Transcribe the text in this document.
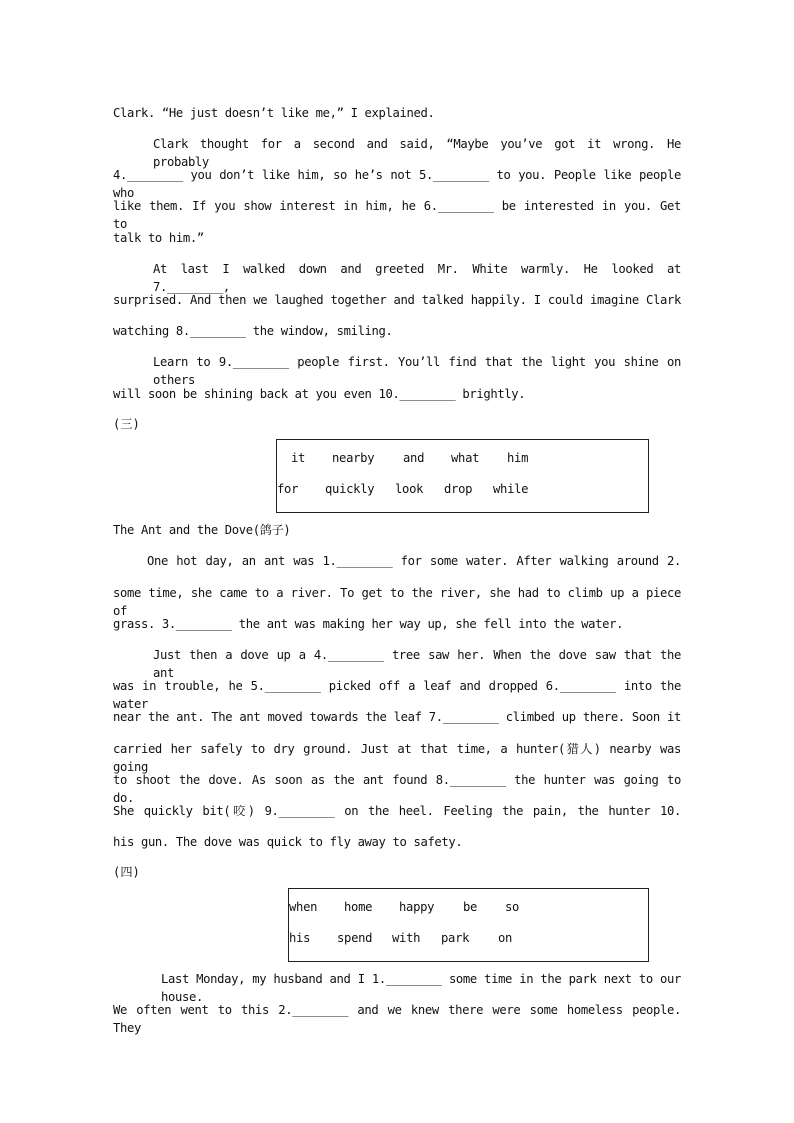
Clark. “He just doesn’t like me,” I explained.
Clark thought for a second and said, “Maybe you’ve got it wrong. He probably
4.________ you don’t like him, so he’s not 5.________ to you. People like people who
like them. If you show interest in him, he 6.________ be interested in you. Get to
talk to him.”
At last I walked down and greeted Mr. White warmly. He looked at 7.________,
surprised. And then we laughed together and talked happily. I could imagine Clark
watching 8.________ the window, smiling.
Learn to 9.________ people first. You’ll find that the light you shine on others
will soon be shining back at you even 10.________ brightly.
(三)
it nearby and what him
for quickly look drop while
The Ant and the Dove(鸽子)
One hot day, an ant was 1.________ for some water. After walking around 2.
some time, she came to a river. To get to the river, she had to climb up a piece of
grass. 3.________ the ant was making her way up, she fell into the water.
Just then a dove up a 4.________ tree saw her. When the dove saw that the ant
was in trouble, he 5.________ picked off a leaf and dropped 6.________ into the water
near the ant. The ant moved towards the leaf 7.________ climbed up there. Soon it
carried her safely to dry ground. Just at that time, a hunter(猎人) nearby was going
to shoot the dove. As soon as the ant found 8.________ the hunter was going to do.
She quickly bit(咬) 9.________ on the heel. Feeling the pain, the hunter 10.
his gun. The dove was quick to fly away to safety.
(四)
when home happy be so
his spend with park on
Last Monday, my husband and I 1.________ some time in the park next to our house.
We often went to this 2.________ and we knew there were some homeless people. They
